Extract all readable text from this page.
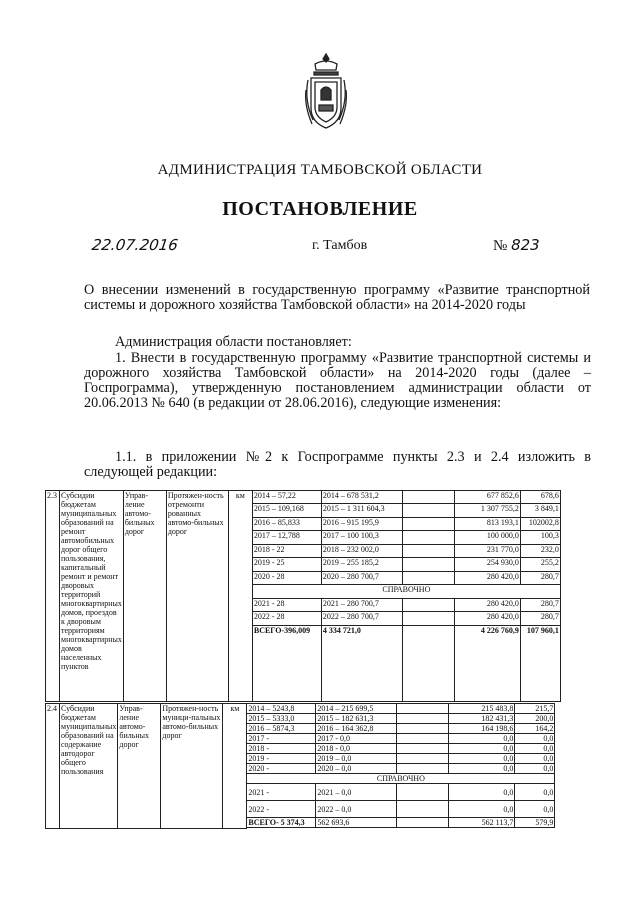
АДМИНИСТРАЦИЯ ТАМБОВСКОЙ ОБЛАСТИ
ПОСТАНОВЛЕНИЕ
22.07.2016	г. Тамбов	№ 823
О внесении изменений в государственную программу «Развитие транспортной системы и дорожного хозяйства Тамбовской области» на 2014-2020 годы
Администрация области постановляет:
1. Внести в государственную программу «Развитие транспортной системы и дорожного хозяйства Тамбовской области» на 2014-2020 годы (далее – Госпрограмма), утвержденную постановлением администрации области от 20.06.2013 № 640 (в редакции от 28.06.2016), следующие изменения:
1.1. в приложении №2 к Госпрограмме пункты 2.3 и 2.4 изложить в следующей редакции:
2.3	Субсидии бюджетам муниципальных образований на ремонт автомобильных дорог общего пользования, капитальный ремонт и ремонт дворовых территорий многоквартирных домов, проездов к дворовым территориям многоквартирных домов населенных пунктов	Управ-ление автомо-бильных дорог	Протяжен-ность отремонти рованных автомо-бильных дорог	км	2014 – 57,22	2014 – 678 531,2		677 852,6	678,6
					2015 – 109,168	2015 – 1 311 604,3		1 307 755,2	3 849,1
					2016 – 85,833	2016 – 915 195,9		813 193,1	102002,8
					2017 – 12,788	2017 – 100 100,3		100 000,0	100,3
					2018 - 22	2018 – 232 002,0		231 770,0	232,0
					2019 - 25	2019 – 255 185,2		254 930,0	255,2
					2020 - 28	2020 – 280 700,7		280 420,0	280,7
					СПРАВОЧНО				
					2021 - 28	2021 – 280 700,7		280 420,0	280,7
					2022 - 28	2022 – 280 700,7		280 420,0	280,7
					ВСЕГО-396,009	4 334 721,0		4 226 760,9	107 960,1

2.4	Субсидии бюджетам муниципальных образований на содержание автодорог общего пользования	Управ-ление автомо-бильных дорог	Протяжен-ность муници-пальных автомо-бильных дорог	км	2014 – 5243,8	2014 – 215 699,5		215 483,8	215,7
					2015 – 5333,0	2015 – 182 631,3		182 431,3	200,0
					2016 – 5874,3	2016 – 164 362,8		164 198,6	164,2
					2017 -	2017 - 0,0		0,0	0,0
					2018 -	2018 - 0,0		0,0	0,0
					2019 -	2019 – 0,0		0,0	0,0
					2020 -	2020 – 0,0		0,0	0,0
					СПРАВОЧНО				
					2021 -	2021 – 0,0		0,0	0,0
					2022 -	2022 – 0,0		0,0	0,0
					ВСЕГО- 5 374,3	562 693,6		562 113,7	579,9
